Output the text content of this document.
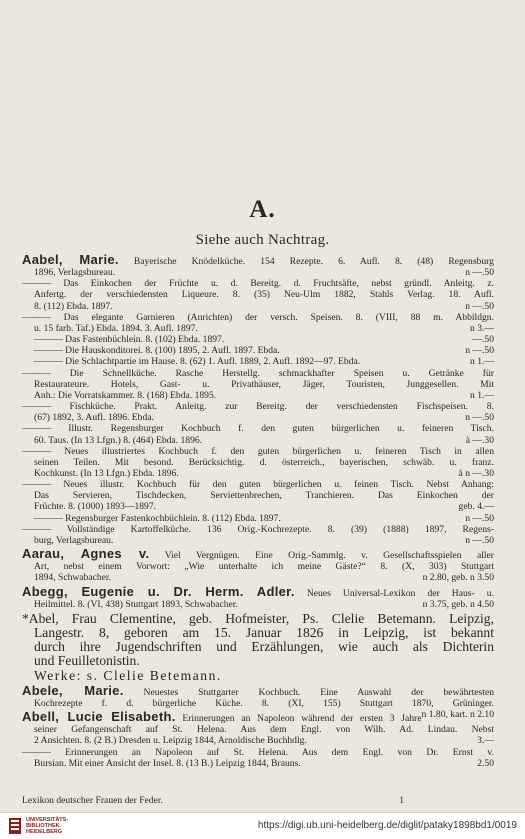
A.
Siehe auch Nachtrag.
Aabel, Marie. Bayerische Knödelküche. 154 Rezepte. 6. Aufl. 8. (48) Regensburg
n —.50
1896, Verlagsbureau.
——— Das Einkochen der Früchte u. d. Bereitg. d. Fruchtsäfte, nebst gründl. Anleitg. z.
Anfertg. der verschiedensten Liqueure. 8. (35) Neu-Ulm 1882, Stahls Verlag. 18. Aufl.
n —.50
8. (112) Ebda. 1897.
——— Das elegante Garnieren (Anrichten) der versch. Speisen. 8. (VIII, 88 m. Abbildgn.
n 3.—
u. 15 farb. Taf.) Ebda. 1894. 3. Aufl. 1897.
—.50
——— Das Fastenbüchlein. 8. (102) Ebda. 1897.
n —.50
——— Die Hauskonditorei. 8. (100) 1895, 2. Aufl. 1897. Ebda.
n 1.—
——— Die Schlachtpartie im Hause. 8. (62) 1. Aufl. 1889, 2. Aufl. 1892—97. Ebda.
——— Die Schnellküche. Rasche Herstellg. schmackhafter Speisen u. Getränke für
Restaurateure. Hotels, Gast- u. Privathäuser, Jäger, Touristen, Junggesellen. Mit
n 1.—
Anh.: Die Vorratskammer. 8. (168) Ebda. 1895.
——— Fischküche. Prakt. Anleitg. zur Bereitg. der verschiedensten Fischspeisen. 8.
n —.50
(67) 1892, 3. Aufl. 1896. Ebda.
——— Illustr. Regensburger Kochbuch f. den guten bürgerlichen u. feineren Tisch.
à —.30
60. Taus. (In 13 Lfgn.) 8. (464) Ebda. 1896.
——— Neues illustriertes Kochbuch f. den guten bürgerlichen u. feineren Tisch in allen
seinen Teilen. Mit besond. Berücksichtig. d. österreich., bayerischen, schwäb. u. franz.
à n —.30
Kochkunst. (In 13 Lfgn.) Ebda. 1896.
——— Neues illustr. Kochbuch für den guten bürgerlichen u. feinen Tisch. Nebst Anhang:
Das Servieren, Tischdecken, Serviettenbrechen, Tranchieren. Das Einkochen der
geb. 4.—
Früchte. 8. (1000) 1893—1897.
n —.50
——— Regensburger Fastenkochbüchlein. 8. (112) Ebda. 1897.
——— Vollständige Kartoffelküche. 136 Orig.-Kochrezepte. 8. (39) (1888) 1897, Regens-
n —.50
burg, Verlagsbureau.
Aarau, Agnes v. Viel Vergnügen. Eine Orig.-Sammlg. v. Gesellschaftsspielen aller
Art, nebst einem Vorwort: „Wie unterhalte ich meine Gäste?“ 8. (X, 303) Stuttgart
n 2.80, geb. n 3.50
1894, Schwabacher.
Abegg, Eugenie u. Dr. Herm. Adler. Neues Universal-Lexikon der Haus- u.
n 3.75, geb. n 4.50
Heilmittel. 8. (VI, 438) Stuttgart 1893, Schwabacher.
*Abel, Frau Clementine, geb. Hofmeister, Ps. Clelie Betemann. Leipzig,
Langestr. 8, geboren am 15. Januar 1826 in Leipzig, ist bekannt
durch ihre Jugendschriften und Erzählungen, wie auch als Dichterin
und Feuilletonistin.
Werke: s. Clelie Betemann.
Abele, Marie. Neuestes Stuttgarter Kochbuch. Eine Auswahl der bewährtesten
Kochrezepte f. d. bürgerliche Küche. 8. (XI, 155) Stuttgart 1870, Grüninger.
n 1.80, kart. n 2.10
Abell, Lucie Elisabeth. Erinnerungen an Napoleon während der ersten 3 Jahre
seiner Gefangenschaft auf St. Helena. Aus dem Engl. von Wilh. Ad. Lindau. Nebst
3.—
2 Ansichten. 8. (2 B.) Dresden u. Leipzig 1844, Arnoldische Buchhdlg.
——— Erinnerungen an Napoleon auf St. Helena. Aus dem Engl. von Dr. Ernst v.
2.50
Bursian. Mit einer Ansicht der Insel. 8. (13 B.) Leipzig 1844, Brauns.
Lexikon deutscher Frauen der Feder.	1
UNIVERSITÄTS-
BIBLIOTHEK
HEIDELBERG
https://digi.ub.uni-heidelberg.de/diglit/pataky1898bd1/0019
